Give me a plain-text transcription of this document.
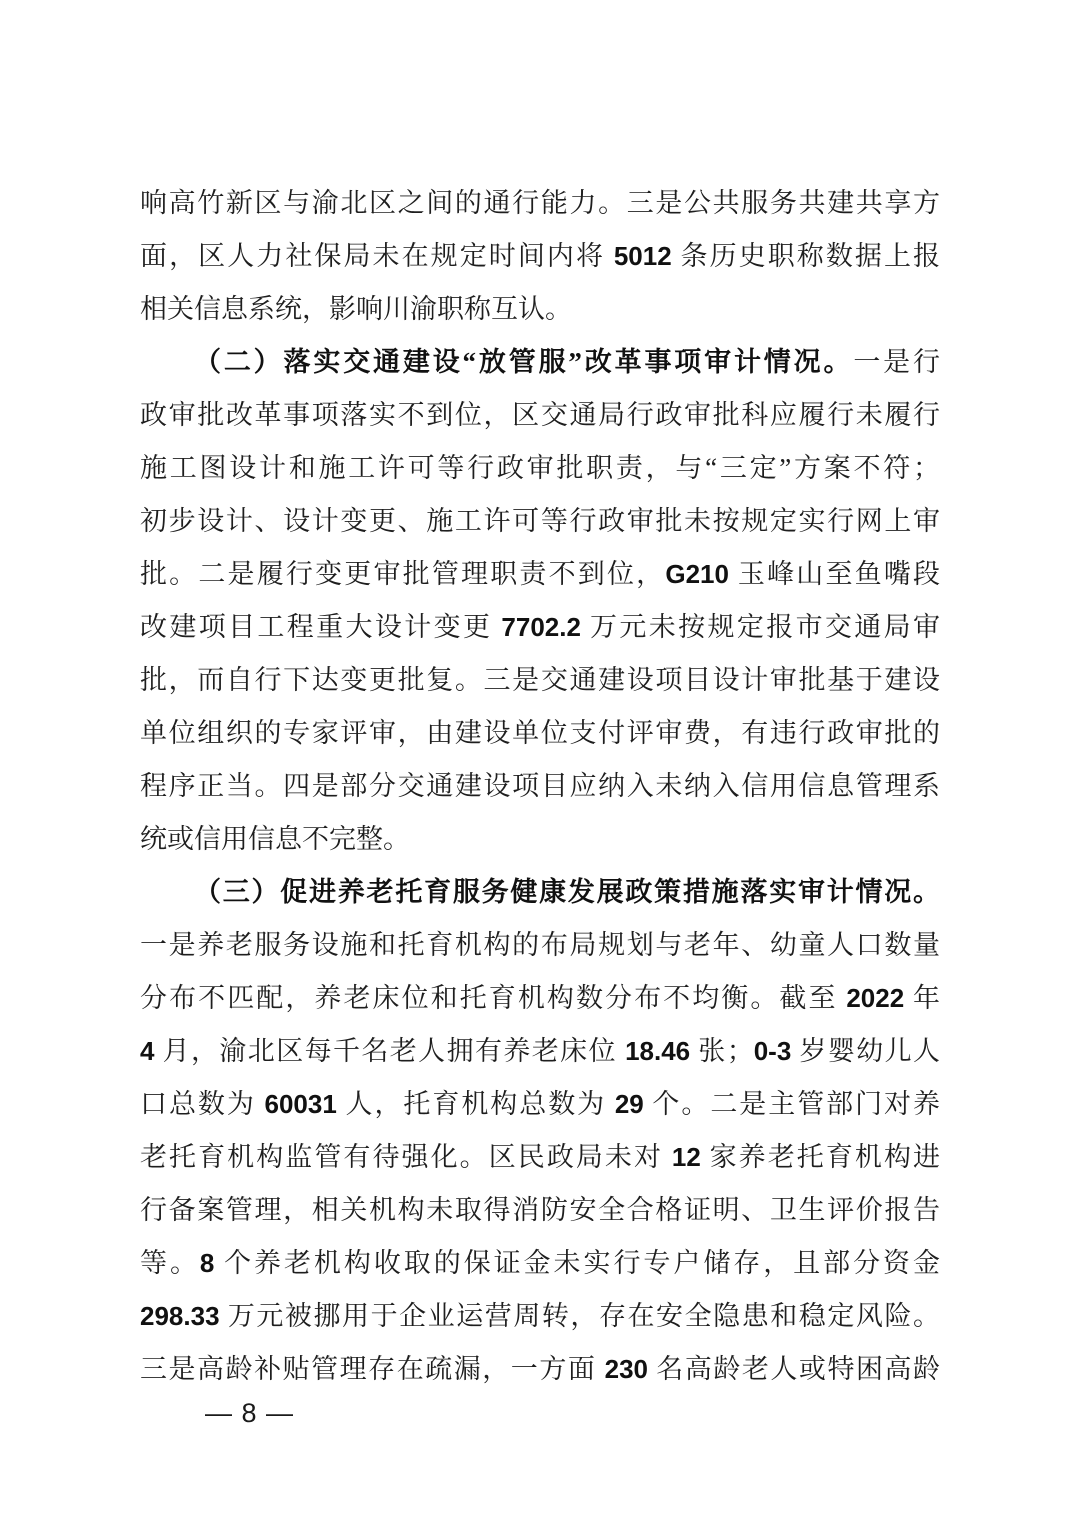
响高竹新区与渝北区之间的通行能力。三是公共服务共建共享方
面，区人力社保局未在规定时间内将 5012 条历史职称数据上报
相关信息系统，影响川渝职称互认。
（二）落实交通建设“放管服”改革事项审计情况。一是行
政审批改革事项落实不到位，区交通局行政审批科应履行未履行
施工图设计和施工许可等行政审批职责，与“三定”方案不符；
初步设计、设计变更、施工许可等行政审批未按规定实行网上审
批。二是履行变更审批管理职责不到位，G210 玉峰山至鱼嘴段
改建项目工程重大设计变更 7702.2 万元未按规定报市交通局审
批，而自行下达变更批复。三是交通建设项目设计审批基于建设
单位组织的专家评审，由建设单位支付评审费，有违行政审批的
程序正当。四是部分交通建设项目应纳入未纳入信用信息管理系
统或信用信息不完整。
（三）促进养老托育服务健康发展政策措施落实审计情况。
一是养老服务设施和托育机构的布局规划与老年、幼童人口数量
分布不匹配，养老床位和托育机构数分布不均衡。截至 2022 年
4 月，渝北区每千名老人拥有养老床位 18.46 张；0-3 岁婴幼儿人
口总数为 60031 人，托育机构总数为 29 个。二是主管部门对养
老托育机构监管有待强化。区民政局未对 12 家养老托育机构进
行备案管理，相关机构未取得消防安全合格证明、卫生评价报告
等。8 个养老机构收取的保证金未实行专户储存，且部分资金
298.33 万元被挪用于企业运营周转，存在安全隐患和稳定风险。
三是高龄补贴管理存在疏漏，一方面 230 名高龄老人或特困高龄
— 8 —
